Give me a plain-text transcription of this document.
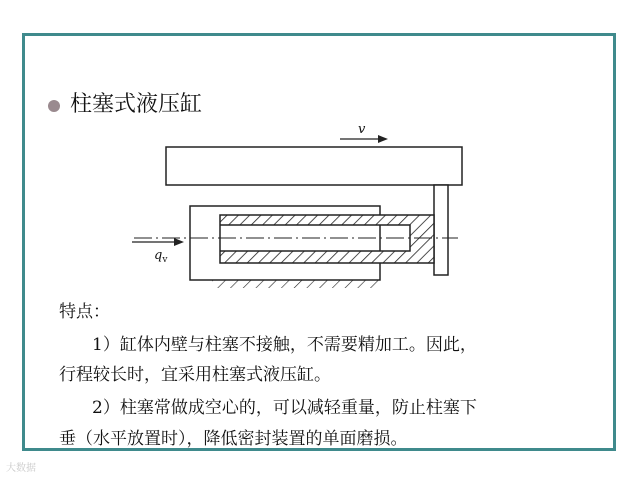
柱塞式液压缸
v
$q_v$
特点：
1）缸体内壁与柱塞不接触，不需要精加工。因此，
行程较长时，宜采用柱塞式液压缸。
2）柱塞常做成空心的，可以减轻重量，防止柱塞下
垂（水平放置时），降低密封装置的单面磨损。
大数据
